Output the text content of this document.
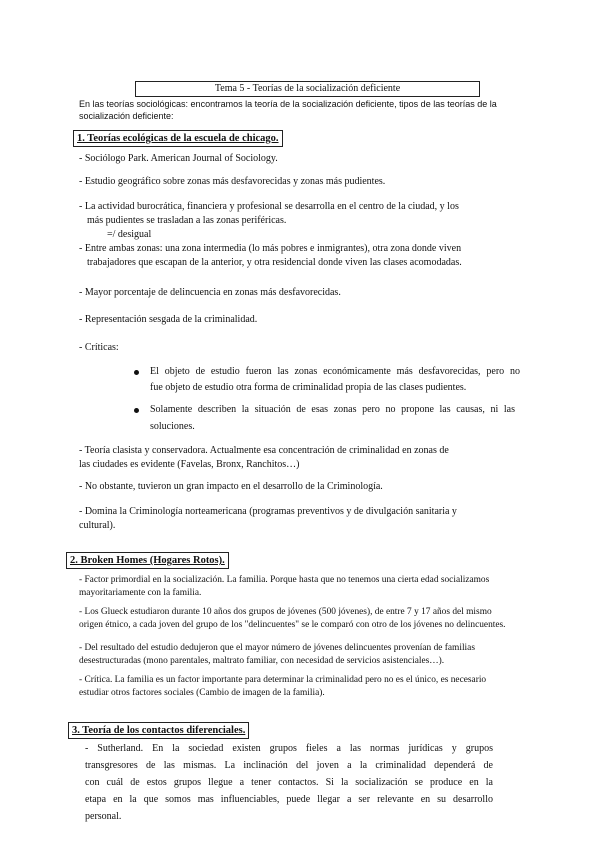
Tema 5 - Teorías de la socialización deficiente
En las teorías sociológicas: encontramos la teoría de la socialización deficiente, tipos de las teorías de la socialización deficiente:
1. Teorías ecológicas de la escuela de chicago.
- Sociólogo Park. American Journal of Sociology.
- Estudio geográfico sobre zonas más desfavorecidas y zonas más pudientes.
- La actividad burocrática, financiera y profesional se desarrolla en el centro de la ciudad, y los
más pudientes se trasladan a las zonas periféricas.
=/ desigual
- Entre ambas zonas: una zona intermedia (lo más pobres e inmigrantes), otra zona donde viven
trabajadores que escapan de la anterior, y otra residencial donde viven las clases acomodadas.
- Mayor porcentaje de delincuencia en zonas más desfavorecidas.
- Representación sesgada de la criminalidad.
- Críticas:
El objeto de estudio fueron las zonas económicamente más desfavorecidas, pero no
fue objeto de estudio otra forma de criminalidad propia de las clases pudientes.
Solamente describen la situación de esas zonas pero no propone las causas, ni las
soluciones.
- Teoría clasista y conservadora. Actualmente esa concentración de criminalidad en zonas de
las ciudades es evidente (Favelas, Bronx, Ranchitos…)
- No obstante, tuvieron un gran impacto en el desarrollo de la Criminología.
- Domina la Criminología norteamericana (programas preventivos y de divulgación sanitaria y
cultural).
2. Broken Homes (Hogares Rotos).
- Factor primordial en la socialización. La familia. Porque hasta que no tenemos una cierta edad socializamos
mayoritariamente con la familia.
- Los Glueck estudiaron durante 10 años dos grupos de jóvenes (500 jóvenes), de entre 7 y 17 años del mismo
origen étnico, a cada joven del grupo de los "delincuentes" se le comparó con otro de los jóvenes no delincuentes.
- Del resultado del estudio dedujeron que el mayor número de jóvenes delincuentes provenían de familias
desestructuradas (mono parentales, maltrato familiar, con necesidad de servicios asistenciales…).
- Crítica. La familia es un factor importante para determinar la criminalidad pero no es el único, es necesario
estudiar otros factores sociales (Cambio de imagen de la familia).
3. Teoría de los contactos diferenciales.
- Sutherland. En la sociedad existen grupos fieles a las normas jurídicas y grupos
transgresores de las mismas. La inclinación del joven a la criminalidad dependerá de
con cuál de estos grupos llegue a tener contactos. Si la socialización se produce en la
etapa en la que somos mas influenciables, puede llegar a ser relevante en su desarrollo
personal.
